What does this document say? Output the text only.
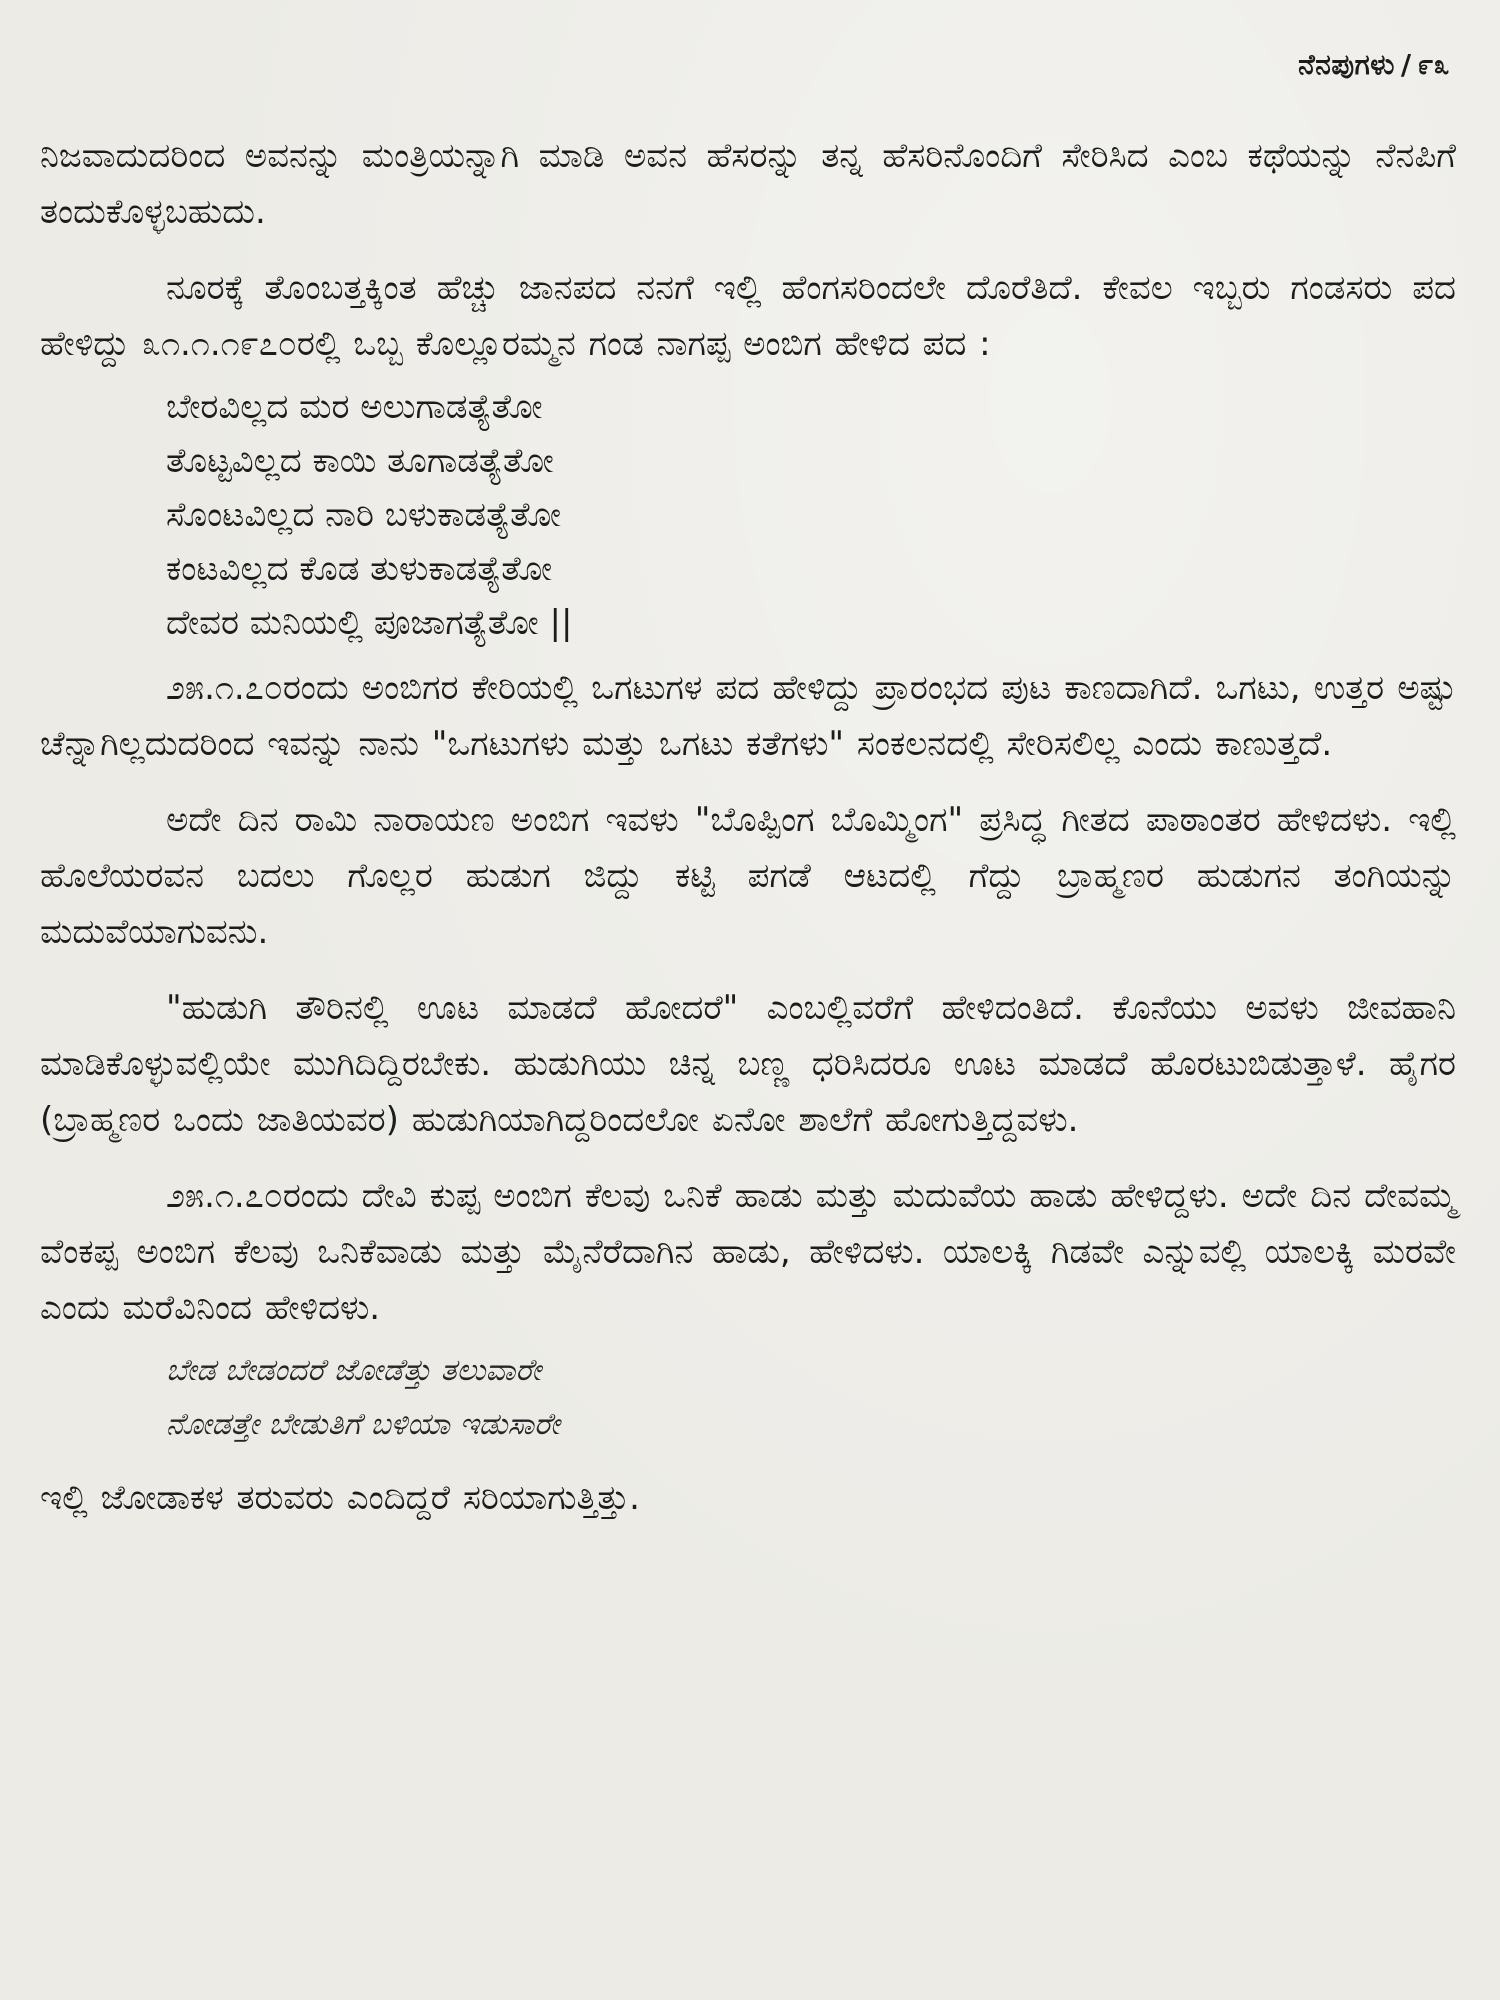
ನೆನಪುಗಳು / ೯೩

ನಿಜವಾದುದರಿಂದ ಅವನನ್ನು ಮಂತ್ರಿಯನ್ನಾಗಿ ಮಾಡಿ ಅವನ ಹೆಸರನ್ನು ತನ್ನ ಹೆಸರಿನೊಂದಿಗೆ ಸೇರಿಸಿದ ಎಂಬ ಕಥೆಯನ್ನು ನೆನಪಿಗೆ ತಂದುಕೊಳ್ಳಬಹುದು.

ನೂರಕ್ಕೆ ತೊಂಬತ್ತಕ್ಕಿಂತ ಹೆಚ್ಚು ಜಾನಪದ ನನಗೆ ಇಲ್ಲಿ ಹೆಂಗಸರಿಂದಲೇ ದೊರೆತಿದೆ. ಕೇವಲ ಇಬ್ಬರು ಗಂಡಸರು ಪದ ಹೇಳಿದ್ದು ೩೧.೧.೧೯೭೦ರಲ್ಲಿ ಒಬ್ಬ ಕೊಲ್ಲೂರಮ್ಮನ ಗಂಡ ನಾಗಪ್ಪ ಅಂಬಿಗ ಹೇಳಿದ ಪದ :

ಬೇರವಿಲ್ಲದ ಮರ ಅಲುಗಾಡತ್ಯೆತೋ
ತೊಟ್ಟವಿಲ್ಲದ ಕಾಯಿ ತೂಗಾಡತ್ಯೆತೋ
ಸೊಂಟವಿಲ್ಲದ ನಾರಿ ಬಳುಕಾಡತ್ಯೆತೋ
ಕಂಟವಿಲ್ಲದ ಕೊಡ ತುಳುಕಾಡತ್ಯೆತೋ
ದೇವರ ಮನಿಯಲ್ಲಿ ಪೂಜಾಗತ್ಯೆತೋ ||

೨೫.೧.೭೦ರಂದು ಅಂಬಿಗರ ಕೇರಿಯಲ್ಲಿ ಒಗಟುಗಳ ಪದ ಹೇಳಿದ್ದು ಪ್ರಾರಂಭದ ಪುಟ ಕಾಣದಾಗಿದೆ. ಒಗಟು, ಉತ್ತರ ಅಷ್ಟು ಚೆನ್ನಾಗಿಲ್ಲದುದರಿಂದ ಇವನ್ನು ನಾನು "ಒಗಟುಗಳು ಮತ್ತು ಒಗಟು ಕತೆಗಳು" ಸಂಕಲನದಲ್ಲಿ ಸೇರಿಸಲಿಲ್ಲ ಎಂದು ಕಾಣುತ್ತದೆ.

ಅದೇ ದಿನ ರಾಮಿ ನಾರಾಯಣ ಅಂಬಿಗ ಇವಳು "ಬೊಪ್ಪಿಂಗ ಬೊಮ್ಮಿಂಗ" ಪ್ರಸಿದ್ಧ ಗೀತದ ಪಾಠಾಂತರ ಹೇಳಿದಳು. ಇಲ್ಲಿ ಹೊಲೆಯರವನ ಬದಲು ಗೊಲ್ಲರ ಹುಡುಗ ಜಿದ್ದು ಕಟ್ಟಿ ಪಗಡೆ ಆಟದಲ್ಲಿ ಗೆದ್ದು ಬ್ರಾಹ್ಮಣರ ಹುಡುಗನ ತಂಗಿಯನ್ನು ಮದುವೆಯಾಗುವನು.

"ಹುಡುಗಿ ತೌರಿನಲ್ಲಿ ಊಟ ಮಾಡದೆ ಹೋದರೆ" ಎಂಬಲ್ಲಿವರೆಗೆ ಹೇಳಿದಂತಿದೆ. ಕೊನೆಯು ಅವಳು ಜೀವಹಾನಿ ಮಾಡಿಕೊಳ್ಳುವಲ್ಲಿಯೇ ಮುಗಿದಿದ್ದಿರಬೇಕು. ಹುಡುಗಿಯು ಚಿನ್ನ ಬಣ್ಣ ಧರಿಸಿದರೂ ಊಟ ಮಾಡದೆ ಹೊರಟುಬಿಡುತ್ತಾಳೆ. ಹೈಗರ (ಬ್ರಾಹ್ಮಣರ ಒಂದು ಜಾತಿಯವರ) ಹುಡುಗಿಯಾಗಿದ್ದರಿಂದಲೋ ಏನೋ ಶಾಲೆಗೆ ಹೋಗುತ್ತಿದ್ದವಳು.

೨೫.೧.೭೦ರಂದು ದೇವಿ ಕುಪ್ಪ ಅಂಬಿಗ ಕೆಲವು ಒನಿಕೆ ಹಾಡು ಮತ್ತು ಮದುವೆಯ ಹಾಡು ಹೇಳಿದ್ದಳು. ಅದೇ ದಿನ ದೇವಮ್ಮ ವೆಂಕಪ್ಪ ಅಂಬಿಗ ಕೆಲವು ಒನಿಕೆವಾಡು ಮತ್ತು ಮೈನೆರೆದಾಗಿನ ಹಾಡು, ಹೇಳಿದಳು. ಯಾಲಕ್ಕಿ ಗಿಡವೇ ಎನ್ನುವಲ್ಲಿ ಯಾಲಕ್ಕಿ ಮರವೇ ಎಂದು ಮರೆವಿನಿಂದ ಹೇಳಿದಳು.

ಬೇಡ ಬೇಡಂದರೆ ಜೋಡೆತ್ತು ತಲುವಾರೇ
ನೋಡತ್ತೇ ಬೇಡುತಿಗೆ ಬಳಿಯಾ ಇಡುಸಾರೇ

ಇಲ್ಲಿ ಜೋಡಾಕಳ ತರುವರು ಎಂದಿದ್ದರೆ ಸರಿಯಾಗುತ್ತಿತ್ತು.
